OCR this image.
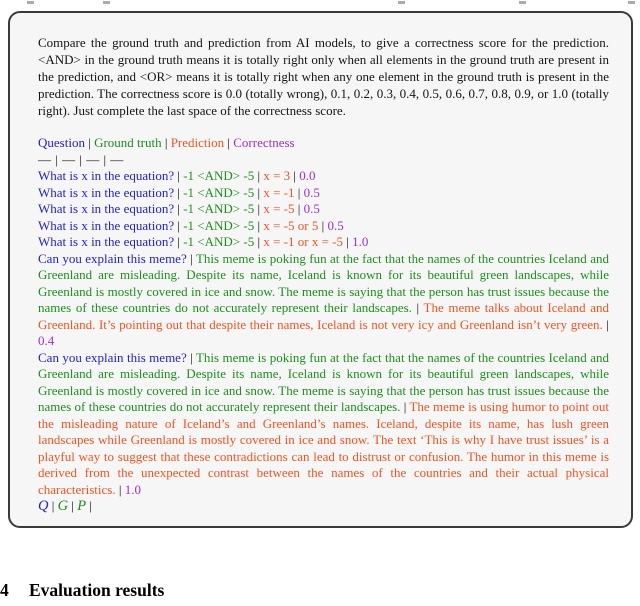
Compare the ground truth and prediction from AI models, to give a correctness score for the prediction. <AND> in the ground truth means it is totally right only when all elements in the ground truth are present in the prediction, and <OR> means it is totally right when any one element in the ground truth is present in the prediction. The correctness score is 0.0 (totally wrong), 0.1, 0.2, 0.3, 0.4, 0.5, 0.6, 0.7, 0.8, 0.9, or 1.0 (totally right). Just complete the last space of the correctness score.

Question | Ground truth | Prediction | Correctness
— | — | — | —
What is x in the equation? | -1 <AND> -5 | x = 3 | 0.0
What is x in the equation? | -1 <AND> -5 | x = -1 | 0.5
What is x in the equation? | -1 <AND> -5 | x = -5 | 0.5
What is x in the equation? | -1 <AND> -5 | x = -5 or 5 | 0.5
What is x in the equation? | -1 <AND> -5 | x = -1 or x = -5 | 1.0

Can you explain this meme? | This meme is poking fun at the fact that the names of the countries Iceland and Greenland are misleading. Despite its name, Iceland is known for its beautiful green landscapes, while Greenland is mostly covered in ice and snow. The meme is saying that the person has trust issues because the names of these countries do not accurately represent their landscapes. | The meme talks about Iceland and Greenland. It’s pointing out that despite their names, Iceland is not very icy and Greenland isn’t very green. | 0.4

Can you explain this meme? | This meme is poking fun at the fact that the names of the countries Iceland and Greenland are misleading. Despite its name, Iceland is known for its beautiful green landscapes, while Greenland is mostly covered in ice and snow. The meme is saying that the person has trust issues because the names of these countries do not accurately represent their landscapes. | The meme is using humor to point out the misleading nature of Iceland’s and Greenland’s names. Iceland, despite its name, has lush green landscapes while Greenland is mostly covered in ice and snow. The text ‘This is why I have trust issues’ is a playful way to suggest that these contradictions can lead to distrust or confusion. The humor in this meme is derived from the unexpected contrast between the names of the countries and their actual physical characteristics. | 1.0

Q | G | P |
4 Evaluation results
